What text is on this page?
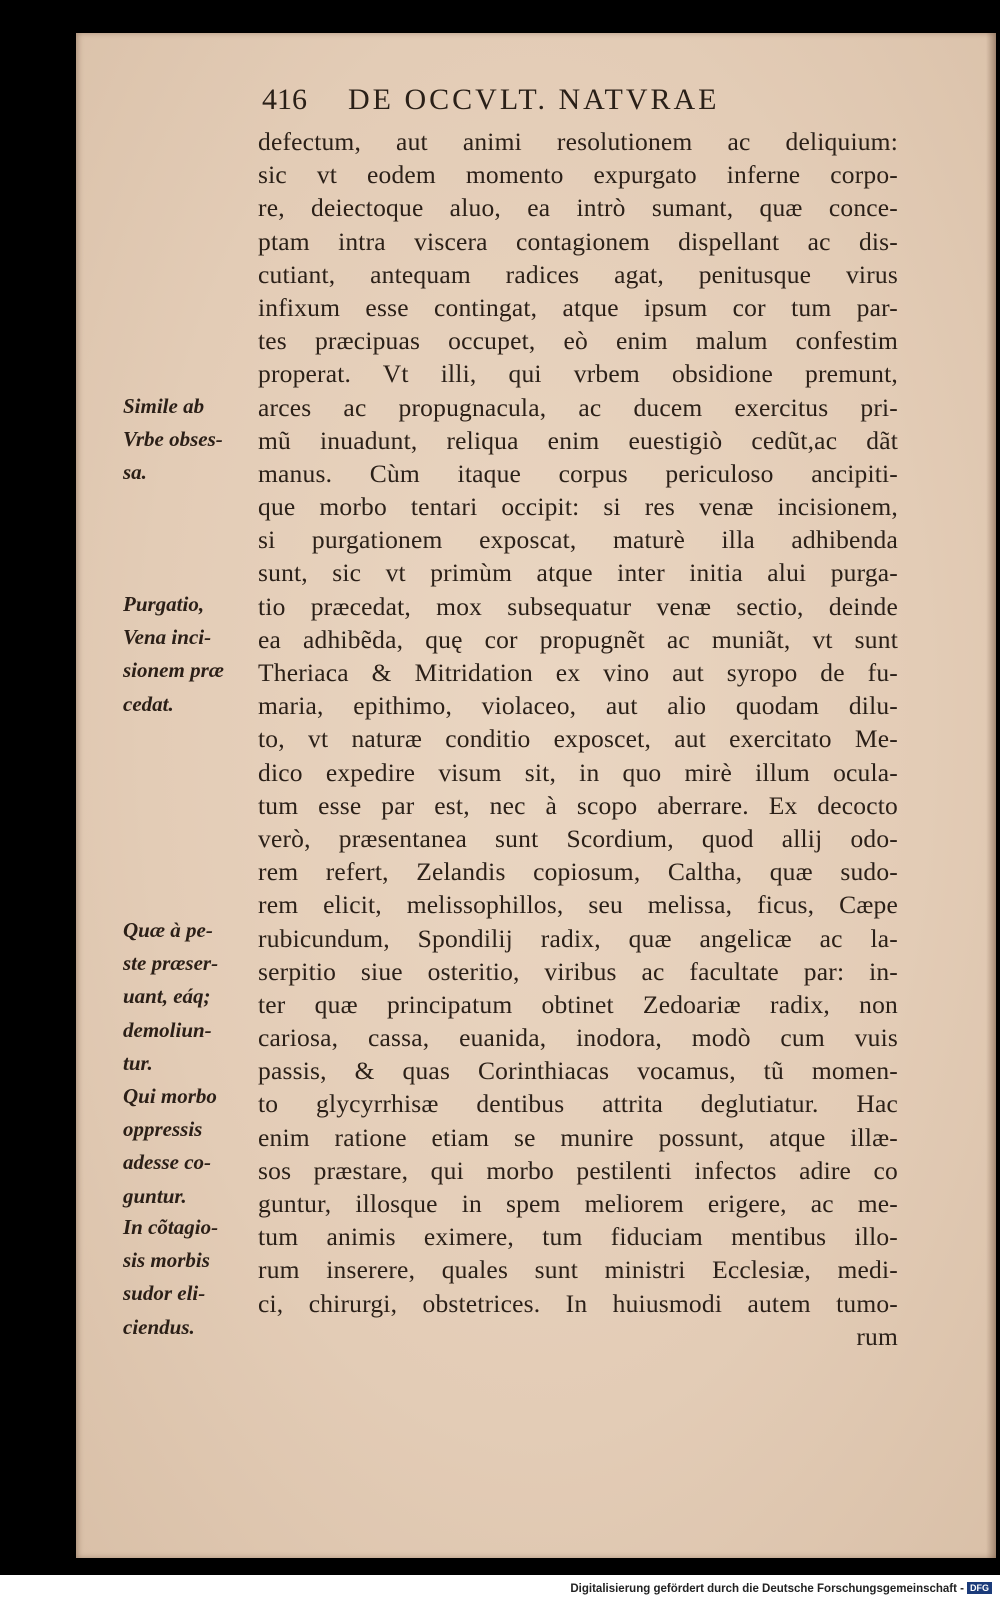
416 DE OCCVLT. NATVRAE
defectum, aut animi resolutionem ac deliquium:
sic vt eodem momento expurgato inferne corpo-
re, deiectoque aluo, ea intrò sumant, quæ concе-
ptam intra viscera contagionem dispellant ac dis-
cutiant, antequam radices agat, penitusque virus
infixum esse contingat, atque ipsum cor tum par-
tes præcipuas occupet, eò enim malum confestim
properat. Vt illi, qui vrbem obsidione premunt,
arces ac propugnacula, ac ducem exercitus pri-
mũ inuadunt, reliqua enim euestigiò cedũt,ac dãt
manus. Cùm itaque corpus periculoso ancipiti-
que morbo tentari occipit: si res venæ incisionem,
si purgationem exposcat, maturè illa adhibenda
sunt, sic vt primùm atque inter initia alui purga-
tio præcedat, mox subsequatur venæ sectio, deinde
ea adhibẽda, quę cor propugnẽt ac muniãt, vt sunt
Theriaca & Mitridation ex vino aut syropo de fu-
maria, epithimo, violaceo, aut alio quodam dilu-
to, vt naturæ conditio exposcet, aut exercitato Me-
dico expedire visum sit, in quo mirè illum ocula-
tum esse par est, nec à scopo aberrare. Ex decocto
verò, præsentanea sunt Scordium, quod allij odo-
rem refert, Zelandis copiosum, Caltha, quæ sudo-
rem elicit, melissophillos, seu melissa, ficus, Cæpe
rubicundum, Spondilij radix, quæ angelicæ ac la-
serpitio siue osteritio, viribus ac facultate par: in-
ter quæ principatum obtinet Zedoariæ radix, non
cariosa, cassa, euanida, inodora, modò cum vuis
passis, & quas Corinthiacas vocamus, tũ momen-
to glycyrrhisæ dentibus attrita deglutiatur. Hac
enim ratione etiam se munire possunt, atque illæ-
sos præstare, qui morbo pestilenti infectos adire co
guntur, illosque in spem meliorem erigere, ac me-
tum animis eximere, tum fiduciam mentibus illo-
rum inserere, quales sunt ministri Ecclesiæ, medi-
ci, chirurgi, obstetrices. In huiusmodi autem tumo-
rum
Simile ab
Vrbe obses-
sa.
Purgatio,
Vena inci-
sionem præ
cedat.
Quæ à pe-
ste præser-
uant, eáq;
demoliun-
tur.
Qui morbo
oppressis
adesse co-
guntur.
In cõtagio-
sis morbis
sudor eli-
ciendus.
Digitalisierung gefördert durch die Deutsche Forschungsgemeinschaft - DFG
